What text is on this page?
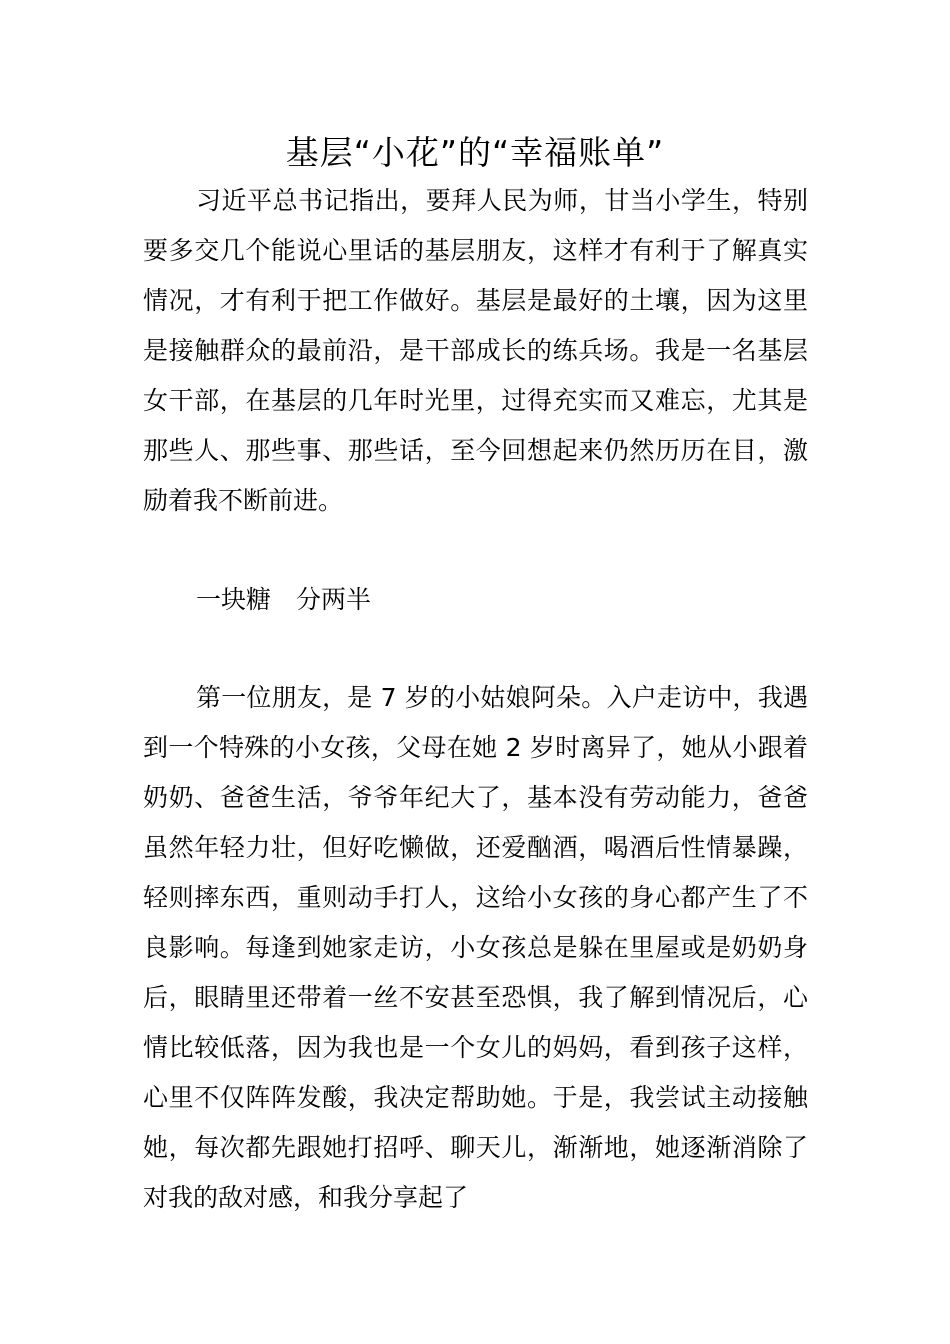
基层“小花”的“幸福账单”

习近平总书记指出，要拜人民为师，甘当小学生，特别要多交几个能说心里话的基层朋友，这样才有利于了解真实情况，才有利于把工作做好。基层是最好的土壤，因为这里是接触群众的最前沿，是干部成长的练兵场。我是一名基层女干部，在基层的几年时光里，过得充实而又难忘，尤其是那些人、那些事、那些话，至今回想起来仍然历历在目，激励着我不断前进。

一块糖　分两半

第一位朋友，是 7 岁的小姑娘阿朵。入户走访中，我遇到一个特殊的小女孩，父母在她 2 岁时离异了，她从小跟着奶奶、爸爸生活，爷爷年纪大了，基本没有劳动能力，爸爸虽然年轻力壮，但好吃懒做，还爱酗酒，喝酒后性情暴躁，轻则摔东西，重则动手打人，这给小女孩的身心都产生了不良影响。每逢到她家走访，小女孩总是躲在里屋或是奶奶身后，眼睛里还带着一丝不安甚至恐惧，我了解到情况后，心情比较低落，因为我也是一个女儿的妈妈，看到孩子这样，心里不仅阵阵发酸，我决定帮助她。于是，我尝试主动接触她，每次都先跟她打招呼、聊天儿，渐渐地，她逐渐消除了对我的敌对感，和我分享起了
